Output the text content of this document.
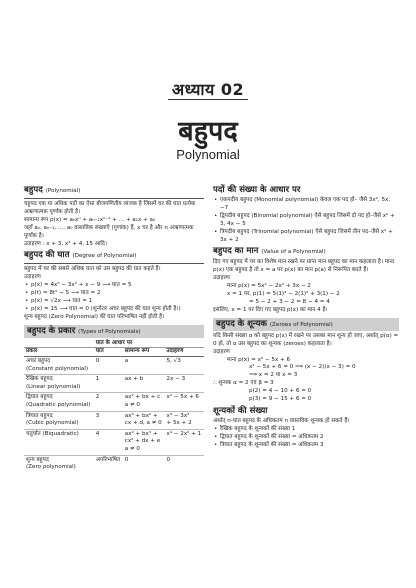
अध्याय 02
बहुपद
Polynomial
बहुपद (Polynomial)

चहुपद एक या अधिक पदों का ऐसा बीजगणितीय व्यंजक है जिसमें चर की घात प्रत्येक अऋणात्मक पूर्णांक होती है।

सामान्य रूप p(x) = aₙxⁿ + aₙ₋₁xⁿ⁻¹ + ... + a₁x + a₀

जहाँ aₙ, aₙ₋₁, ..., a₀ वास्तविक संख्याएँ (गुणांक) हैं, x चर है और n अऋणात्मक पूर्णांक है।

उदाहरण : x + 3, x² + 4, 15 आदि।

बहुपद की घात (Degree of Polynomial)

बहुपद में चर की सबसे अधिक घात को उस बहुपद की घात कहते हैं।

उदाहरण

• p(x) = 4x⁵ − 3x² + x − 9 ⟶ घात = 5

• p(t) = 8t⁵ − 5 ⟶ घात = 2

• p(x) = √2x ⟶ घात = 1

• p(x) = 15 ⟶ घात = 0 (शून्येतर अचर बहुपद की घात शून्य होती है।)

शून्य बहुपद (Zero Polynomial) की घात परिभाषित नहीं होती है।

बहुपद के प्रकार (Types of Polynomials)
घात के आधार पर			
प्रकार	घात	सामान्य रूप	उदाहरण
अचर बहुपद
(Constant polynomial)	0	a	5, √3
रैखिक बहुपद
(Linear polynomial)	1	ax + b	2x − 3
द्विघात बहुपद
(Quadratic polynomial)	2	ax² + bx + c
a ≠ 0	x² − 5x + 6
त्रिघात बहुपद
(Cubic polynomial)	3	ax³ + bx² +
cx + d, a ≠ 0	x³ − 3x²
+ 5x + 2
चतुर्घात (Biquadratic)	4	ax⁴ + bx³ +
cx² + dx + e
a ≠ 0	x⁴ − 2x² + 1
शून्य बहुपद
(Zero polynomial)	अपरिभाषित	0	0
पदों की संख्या के आधार पर

• एकपदीय बहुपद (Monomial polynomial) केवल एक पद हो– जैसे 3x², 5x, −7

• द्विपदीय बहुपद (Binomial polynomial) ऐसे बहुपद जिसमें दो पद हो–जैसे x² + 3, 4x − 5

• त्रिपदीय बहुपद (Trinomial polynomial) ऐसे बहुपद जिसमें तीन पद–जैसे x² + 3x + 2

बहुपद का मान (Value of a Polynomial)

दिए गए बहुपद में चर का विशेष मान रखने पर प्राप्त मान बहुपद का मान कहलाता है। माना p(x) एक बहुपद है तो x = a पर p(x) का मान p(a) से निरूपित करते हैं।

उदाहरण

माना p(x) = 5x² − 2x² + 3x − 2

x = 1 पर, p(1) = 5(1)³ − 2(1)² + 3(1) − 2

= 5 − 2 + 3 − 2 = 8 − 4 = 4

इसलिए, x = 1 पर दिए गए बहुपद p(x) का मान 4 है।

बहुपद के शून्यक (Zeroes of Polynomial)

यदि किसी संख्या α को बहुपद p(x) में रखने पर उसका मान शून्य हो जाए, अर्थात् p(α) = 0 हो, तो α उस बहुपद का शून्यक (zeroes) कहलाता है।

उदाहरण

माना p(x) = x² − 5x + 6

x² − 5x + 6 = 0 ⟹ (x − 2)(x − 3) = 0

⟹ x = 2 या x = 3

∴ शून्यक α = 2 एवं β = 3

p(2) = 4 − 10 + 6 = 0

p(3) = 9 − 15 + 6 = 0

शून्यकों की संख्या

अर्थात् n-घात बहुपद के अधिकतम n वास्तविक शून्यक हो सकते हैं।

• रैखिक बहुपद के शून्यकों की संख्या 1

• द्विघात बहुपद के शून्यकों की संख्या = अधिकतम 2

• त्रिघात बहुपद के शून्यकों की संख्या = अधिकतम 3
